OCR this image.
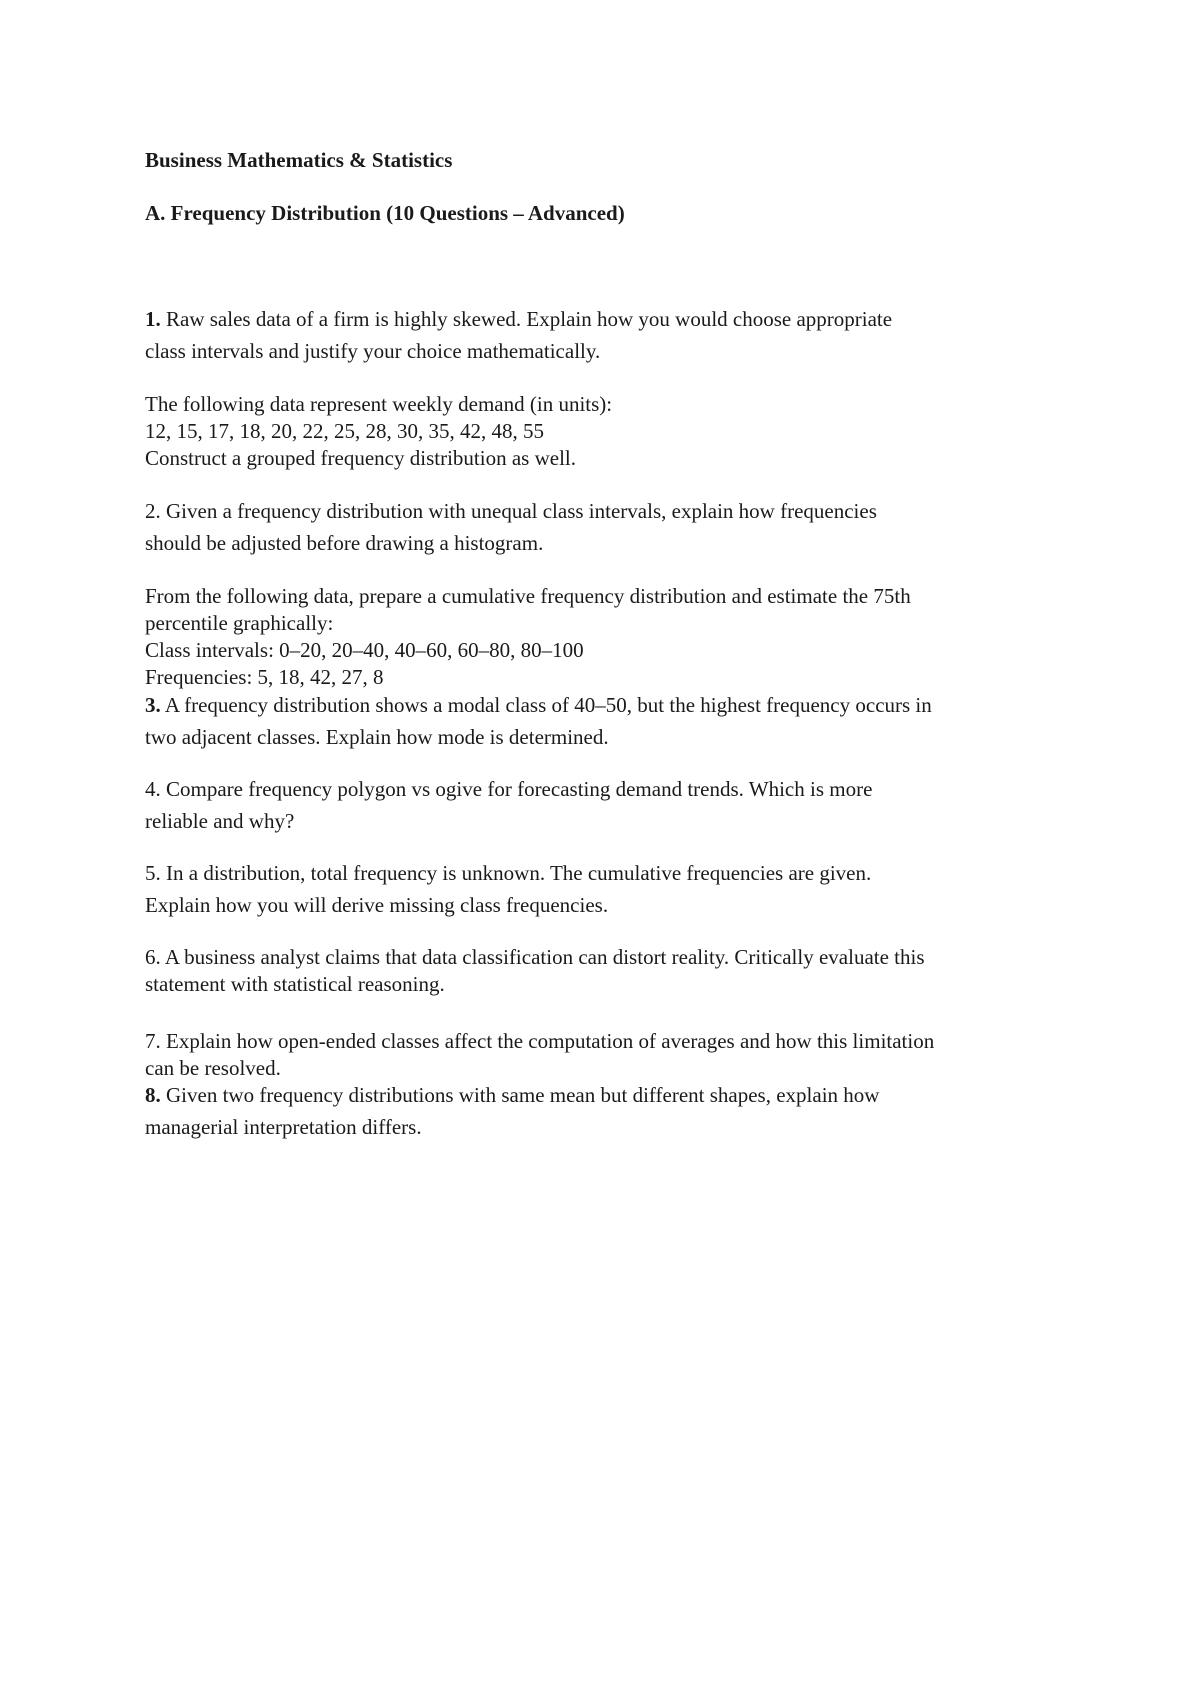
Business Mathematics & Statistics
A. Frequency Distribution (10 Questions – Advanced)
1. Raw sales data of a firm is highly skewed. Explain how you would choose appropriate
class intervals and justify your choice mathematically.
The following data represent weekly demand (in units):
12, 15, 17, 18, 20, 22, 25, 28, 30, 35, 42, 48, 55
Construct a grouped frequency distribution as well.
2. Given a frequency distribution with unequal class intervals, explain how frequencies
should be adjusted before drawing a histogram.
From the following data, prepare a cumulative frequency distribution and estimate the 75th
percentile graphically:
Class intervals: 0–20, 20–40, 40–60, 60–80, 80–100
Frequencies: 5, 18, 42, 27, 8
3. A frequency distribution shows a modal class of 40–50, but the highest frequency occurs in
two adjacent classes. Explain how mode is determined.
4. Compare frequency polygon vs ogive for forecasting demand trends. Which is more
reliable and why?
5. In a distribution, total frequency is unknown. The cumulative frequencies are given.
Explain how you will derive missing class frequencies.
6. A business analyst claims that data classification can distort reality. Critically evaluate this
statement with statistical reasoning.
7. Explain how open-ended classes affect the computation of averages and how this limitation
can be resolved.
8. Given two frequency distributions with same mean but different shapes, explain how
managerial interpretation differs.
